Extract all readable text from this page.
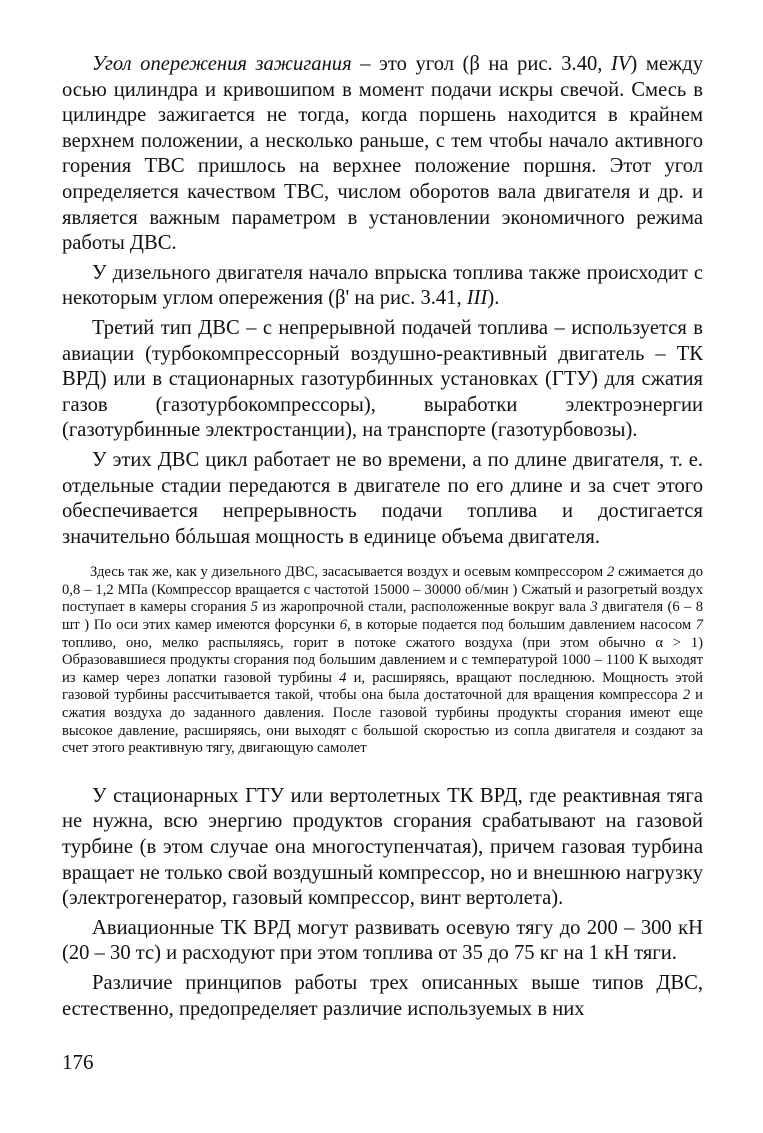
Угол опережения зажигания – это угол (β на рис. 3.40, IV) между осью цилиндра и кривошипом в момент подачи искры свечой. Смесь в цилиндре зажигается не тогда, когда поршень находится в крайнем верхнем положении, а несколько раньше, с тем чтобы начало активного горения ТВС пришлось на верхнее положение поршня. Этот угол определяется качеством ТВС, числом оборотов вала двигателя и др. и является важным параметром в установлении экономичного режима работы ДВС.

У дизельного двигателя начало впрыска топлива также происходит с некоторым углом опережения (β' на рис. 3.41, III).

Третий тип ДВС – с непрерывной подачей топлива – используется в авиации (турбокомпрессорный воздушно-реактивный двигатель – ТК ВРД) или в стационарных газотурбинных установках (ГТУ) для сжатия газов (газотурбокомпрессоры), выработки электроэнергии (газотурбинные электростанции), на транспорте (газотурбовозы).

У этих ДВС цикл работает не во времени, а по длине двигателя, т. е. отдельные стадии передаются в двигателе по его длине и за счет этого обеспечивается непрерывность подачи топлива и достигается значительно бóльшая мощность в единице объема двигателя.

Здесь так же, как у дизельного ДВС, засасывается воздух и осевым компрессором 2 сжимается до 0,8 – 1,2 МПа (Компрессор вращается с частотой 15000 – 30000 об/мин ) Сжатый и разогретый воздух поступает в камеры сгорания 5 из жаропрочной стали, расположенные вокруг вала 3 двигателя (6 – 8 шт ) По оси этих камер имеются форсунки 6, в которые подается под большим давлением насосом 7 топливо, оно, мелко распыляясь, горит в потоке сжатого воздуха (при этом обычно α > 1) Образовавшиеся продукты сгорания под большим давлением и с температурой 1000 – 1100 К выходят из камер через лопатки газовой турбины 4 и, расширяясь, вращают последнюю. Мощность этой газовой турбины рассчитывается такой, чтобы она была достаточной для вращения компрессора 2 и сжатия воздуха до заданного давления. После газовой турбины продукты сгорания имеют еще высокое давление, расширяясь, они выходят с большой скоростью из сопла двигателя и создают за счет этого реактивную тягу, двигающую самолет

У стационарных ГТУ или вертолетных ТК ВРД, где реактивная тяга не нужна, всю энергию продуктов сгорания срабатывают на газовой турбине (в этом случае она многоступенчатая), причем газовая турбина вращает не только свой воздушный компрессор, но и внешнюю нагрузку (электрогенератор, газовый компрессор, винт вертолета).

Авиационные ТК ВРД могут развивать осевую тягу до 200 – 300 кН (20 – 30 тс) и расходуют при этом топлива от 35 до 75 кг на 1 кН тяги.

Различие принципов работы трех описанных выше типов ДВС, естественно, предопределяет различие используемых в них

176
